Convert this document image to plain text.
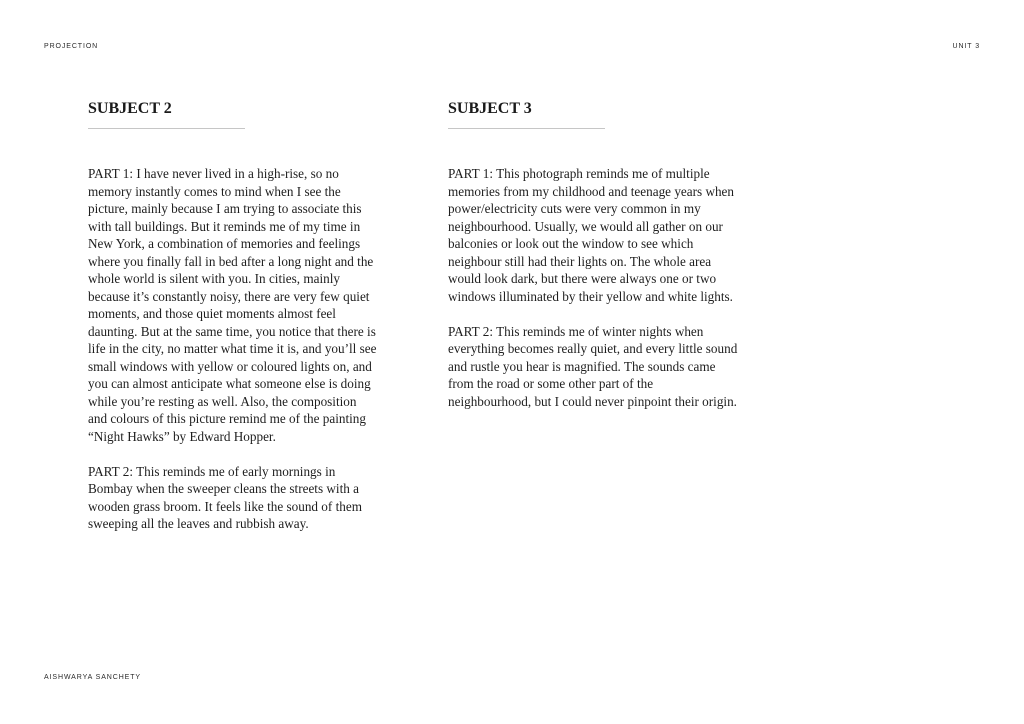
PROJECTION	UNIT 3
SUBJECT 2

PART 1: I have never lived in a high-rise, so no memory instantly comes to mind when I see the picture, mainly because I am trying to associate this with tall buildings. But it reminds me of my time in New York, a combination of memories and feelings where you finally fall in bed after a long night and the whole world is silent with you. In cities, mainly because it’s constantly noisy, there are very few quiet moments, and those quiet moments almost feel daunting. But at the same time, you notice that there is life in the city, no matter what time it is, and you’ll see small windows with yellow or coloured lights on, and you can almost anticipate what someone else is doing while you’re resting as well. Also, the composition and colours of this picture remind me of the painting “Night Hawks” by Edward Hopper.

PART 2: This reminds me of early mornings in Bombay when the sweeper cleans the streets with a wooden grass broom. It feels like the sound of them sweeping all the leaves and rubbish away.

SUBJECT 3

PART 1: This photograph reminds me of multiple memories from my childhood and teenage years when power/electricity cuts were very common in my neighbourhood. Usually, we would all gather on our balconies or look out the window to see which neighbour still had their lights on. The whole area would look dark, but there were always one or two windows illuminated by their yellow and white lights.

PART 2: This reminds me of winter nights when everything becomes really quiet, and every little sound and rustle you hear is magnified. The sounds came from the road or some other part of the neighbourhood, but I could never pinpoint their origin.

AISHWARYA SANCHETY
